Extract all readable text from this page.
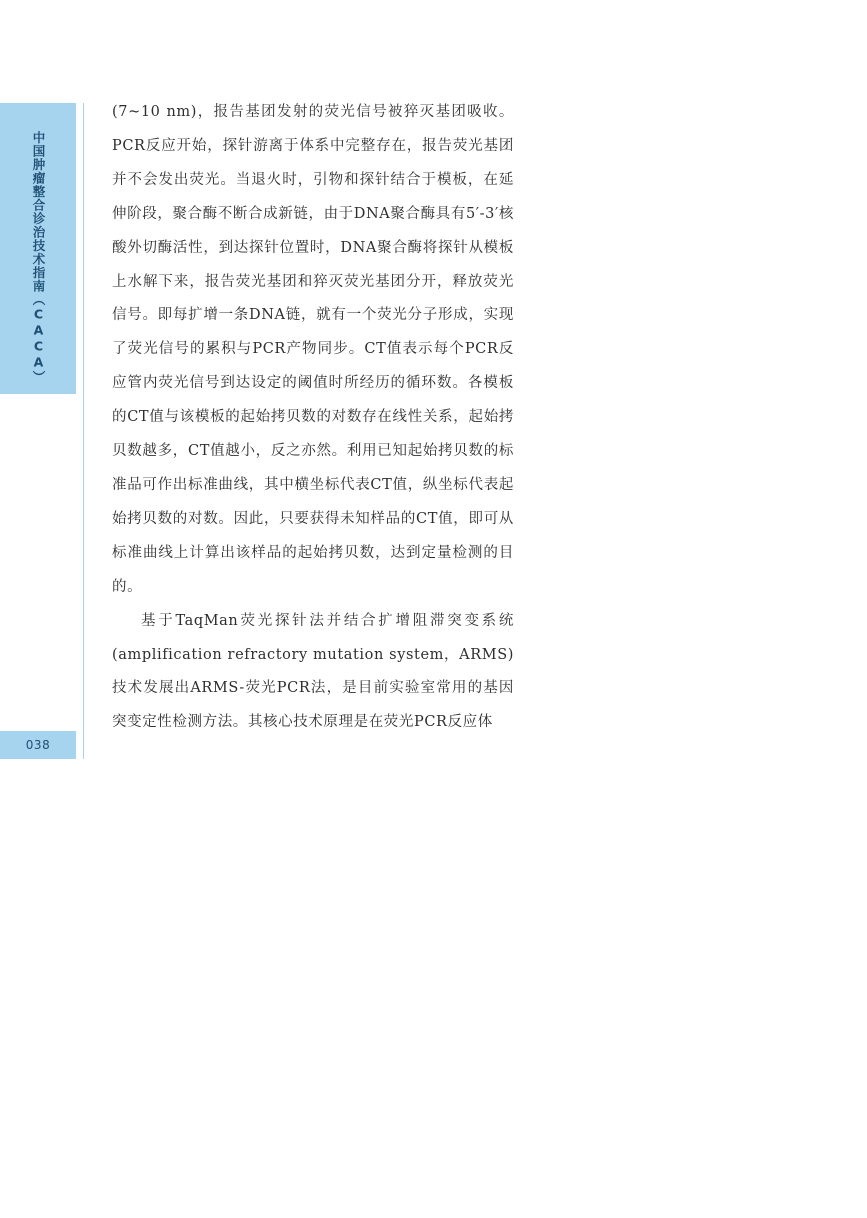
中国肿瘤整合诊治技术指南（CACA）
038

(7~10 nm)，报告基团发射的荧光信号被猝灭基团吸收。PCR反应开始，探针游离于体系中完整存在，报告荧光基团并不会发出荧光。当退火时，引物和探针结合于模板，在延伸阶段，聚合酶不断合成新链，由于DNA聚合酶具有5′-3′核酸外切酶活性，到达探针位置时，DNA聚合酶将探针从模板上水解下来，报告荧光基团和猝灭荧光基团分开，释放荧光信号。即每扩增一条DNA链，就有一个荧光分子形成，实现了荧光信号的累积与PCR产物同步。CT值表示每个PCR反应管内荧光信号到达设定的阈值时所经历的循环数。各模板的CT值与该模板的起始拷贝数的对数存在线性关系，起始拷贝数越多，CT值越小，反之亦然。利用已知起始拷贝数的标准品可作出标准曲线，其中横坐标代表CT值，纵坐标代表起始拷贝数的对数。因此，只要获得未知样品的CT值，即可从标准曲线上计算出该样品的起始拷贝数，达到定量检测的目的。

基于TaqMan荧光探针法并结合扩增阻滞突变系统(amplification refractory mutation system，ARMS)技术发展出ARMS-荧光PCR法，是目前实验室常用的基因突变定性检测方法。其核心技术原理是在荧光PCR反应体
